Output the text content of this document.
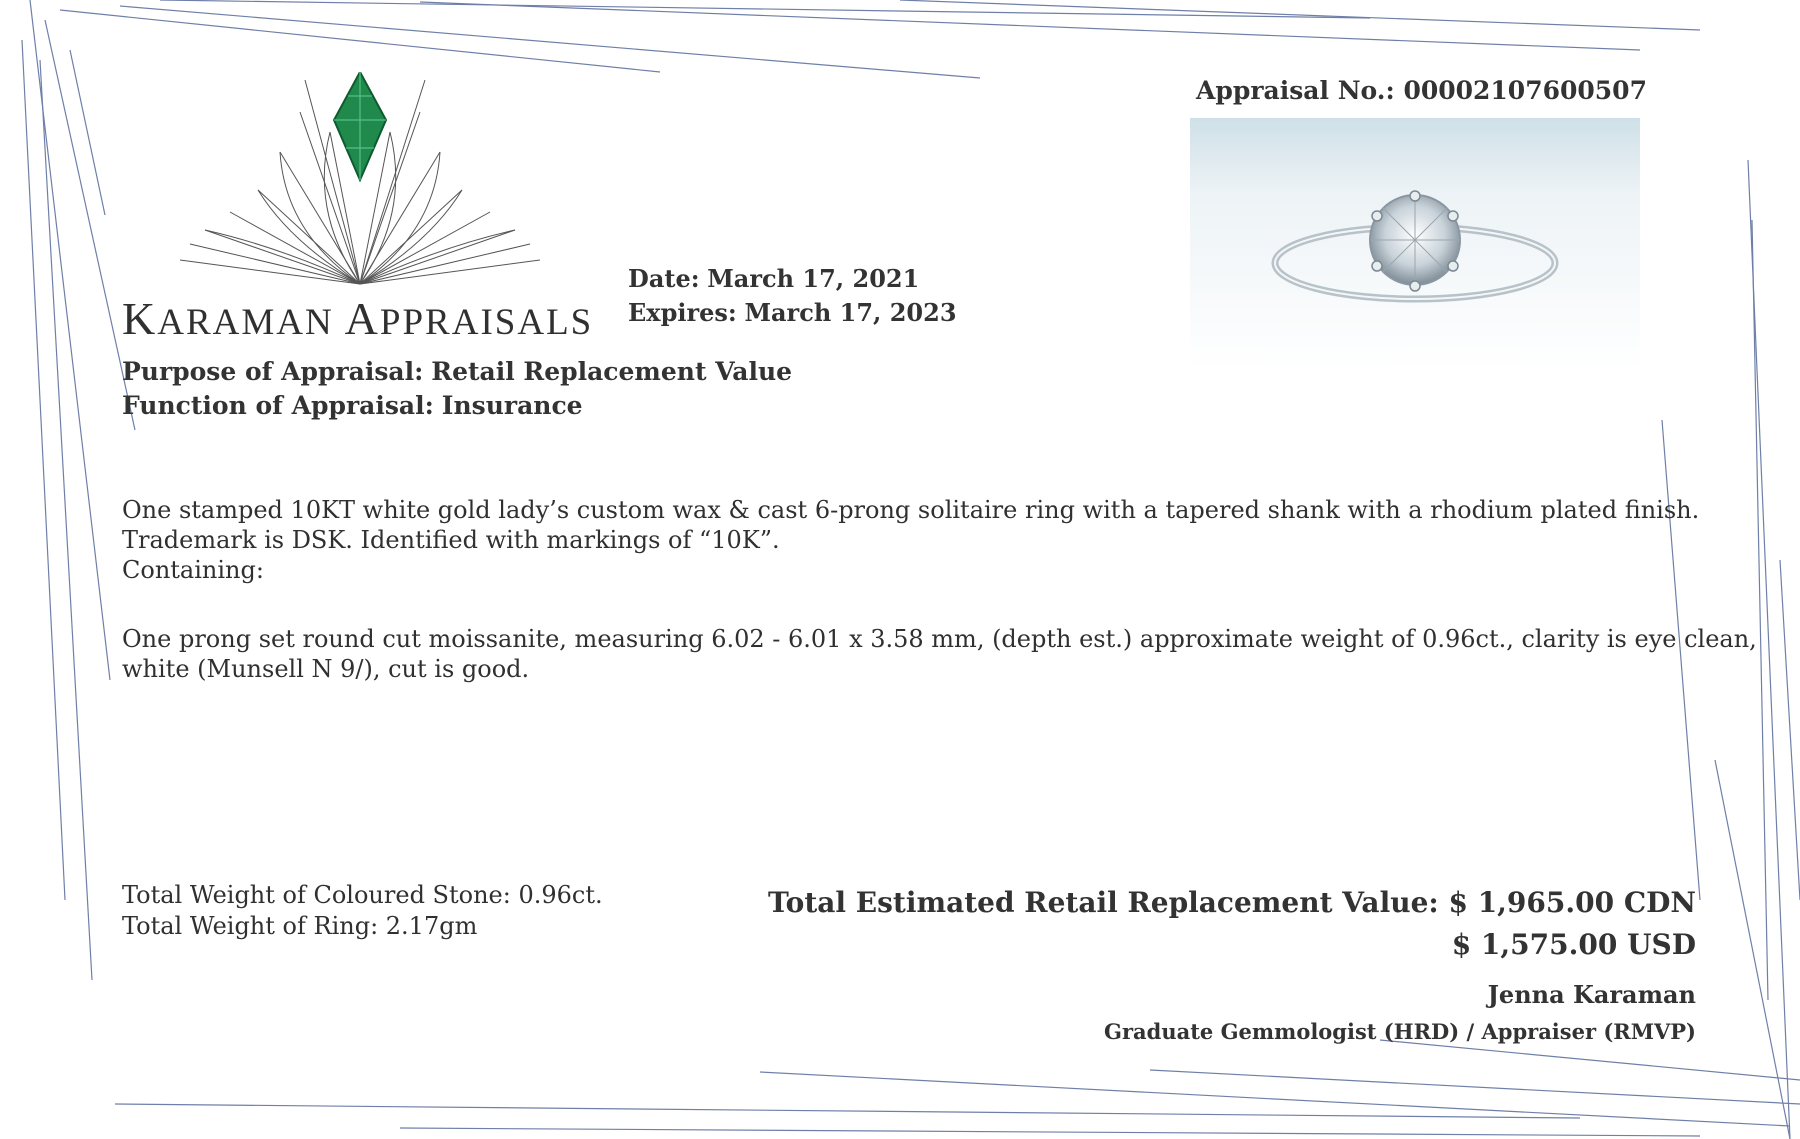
KARAMAN APPRAISALS
Date: March 17, 2021
Expires: March 17, 2023
Purpose of Appraisal: Retail Replacement Value
Function of Appraisal: Insurance
Appraisal No.: 00002107600507
One stamped 10KT white gold lady’s custom wax & cast 6-prong solitaire ring with a tapered shank with a rhodium plated finish.
Trademark is DSK. Identified with markings of “10K”.
Containing:
One prong set round cut moissanite, measuring 6.02 - 6.01 x 3.58 mm, (depth est.) approximate weight of 0.96ct., clarity is eye clean,
white (Munsell N 9/), cut is good.
Total Weight of Coloured Stone: 0.96ct.
Total Weight of Ring: 2.17gm
Total Estimated Retail Replacement Value: $ 1,965.00 CDN
$ 1,575.00 USD
Jenna Karaman
Graduate Gemmologist (HRD) / Appraiser (RMVP)
